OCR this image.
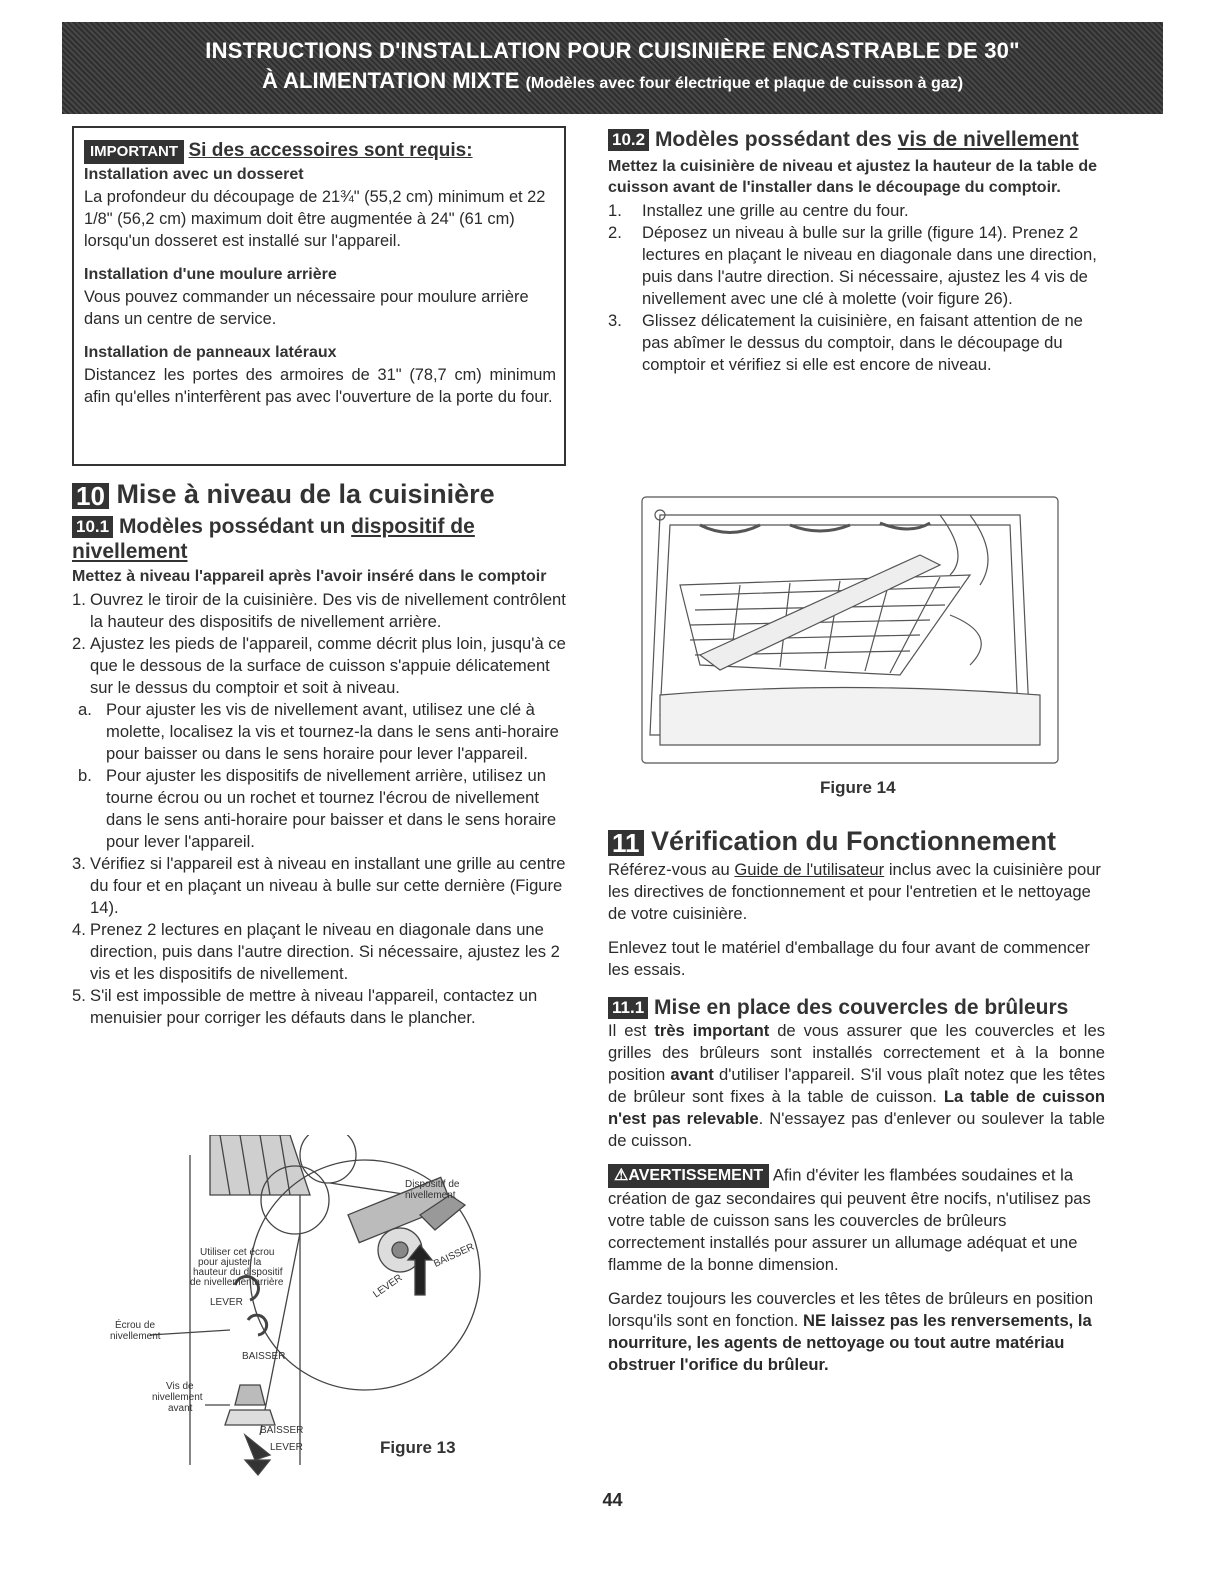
INSTRUCTIONS D'INSTALLATION POUR CUISINIÈRE ENCASTRABLE DE 30"
À ALIMENTATION MIXTE (Modèles avec four électrique et plaque de cuisson à gaz)
IMPORTANT Si des accessoires sont requis:

Installation avec un dosseret

La profondeur du découpage de 21¾" (55,2 cm) minimum et 22 1/8" (56,2 cm) maximum doit être augmentée à 24" (61 cm) lorsqu'un dosseret est installé sur l'appareil.

Installation d'une moulure arrière

Vous pouvez commander un nécessaire pour moulure arrière dans un centre de service.

Installation de panneaux latéraux

Distancez les portes des armoires de 31" (78,7 cm) minimum afin qu'elles n'interfèrent pas avec l'ouverture de la porte du four.

10 Mise à niveau de la cuisinière
10.1 Modèles possédant un dispositif de nivellement

Mettez à niveau l'appareil après l'avoir inséré dans le comptoir

1. Ouvrez le tiroir de la cuisinière. Des vis de nivellement contrôlent la hauteur des dispositifs de nivellement arrière.
2. Ajustez les pieds de l'appareil, comme décrit plus loin, jusqu'à ce que le dessous de la surface de cuisson s'appuie délicatement sur le dessus du comptoir et soit à niveau.
a. Pour ajuster les vis de nivellement avant, utilisez une clé à molette, localisez la vis et tournez-la dans le sens anti-horaire pour baisser ou dans le sens horaire pour lever l'appareil.
b. Pour ajuster les dispositifs de nivellement arrière, utilisez un tourne écrou ou un rochet et tournez l'écrou de nivellement dans le sens anti-horaire pour baisser et dans le sens horaire pour lever l'appareil.
3. Vérifiez si l'appareil est à niveau en installant une grille au centre du four et en plaçant un niveau à bulle sur cette dernière (Figure 14).
4. Prenez 2 lectures en plaçant le niveau en diagonale dans une direction, puis dans l'autre direction. Si nécessaire, ajustez les 2 vis et les dispositifs de nivellement.
5. S'il est impossible de mettre à niveau l'appareil, contactez un menuisier pour corriger les défauts dans le plancher.
Dispositif de
nivellement
Utiliser cet écrou
pour ajuster la
hauteur du dispositif
de nivellementarrière
LEVER
Écrou de
nivellement
BAISSER
Vis de
nivellement
avant
LEVER
BAISSER
BAISSER
LEVER	Figure 13
10.2 Modèles possédant des vis de nivellement

Mettez la cuisinière de niveau et ajustez la hauteur de la table de cuisson avant de l'installer dans le découpage du comptoir.

1. Installez une grille au centre du four.
2. Déposez un niveau à bulle sur la grille (figure 14). Prenez 2 lectures en plaçant le niveau en diagonale dans une direction, puis dans l'autre direction. Si nécessaire, ajustez les 4 vis de nivellement avec une clé à molette (voir figure 26).
3. Glissez délicatement la cuisinière, en faisant attention de ne pas abîmer le dessus du comptoir, dans le découpage du comptoir et vérifiez si elle est encore de niveau.
Figure 14
11 Vérification du Fonctionnement

Référez-vous au Guide de l'utilisateur inclus avec la cuisinière pour les directives de fonctionnement et pour l'entretien et le nettoyage de votre cuisinière.

Enlevez tout le matériel d'emballage du four avant de commencer les essais.

11.1 Mise en place des couvercles de brûleurs

Il est très important de vous assurer que les couvercles et les grilles des brûleurs sont installés correctement et à la bonne position avant d'utiliser l'appareil. S'il vous plaît notez que les têtes de brûleur sont fixes à la table de cuisson. La table de cuisson n'est pas relevable. N'essayez pas d'enlever ou soulever la table de cuisson.

⚠AVERTISSEMENT Afin d'éviter les flambées soudaines et la création de gaz secondaires qui peuvent être nocifs, n'utilisez pas votre table de cuisson sans les couvercles de brûleurs correctement installés pour assurer un allumage adéquat et une flamme de la bonne dimension.

Gardez toujours les couvercles et les têtes de brûleurs en position lorsqu'ils sont en fonction. NE laissez pas les renversements, la nourriture, les agents de nettoyage ou tout autre matériau obstruer l'orifice du brûleur.

44
